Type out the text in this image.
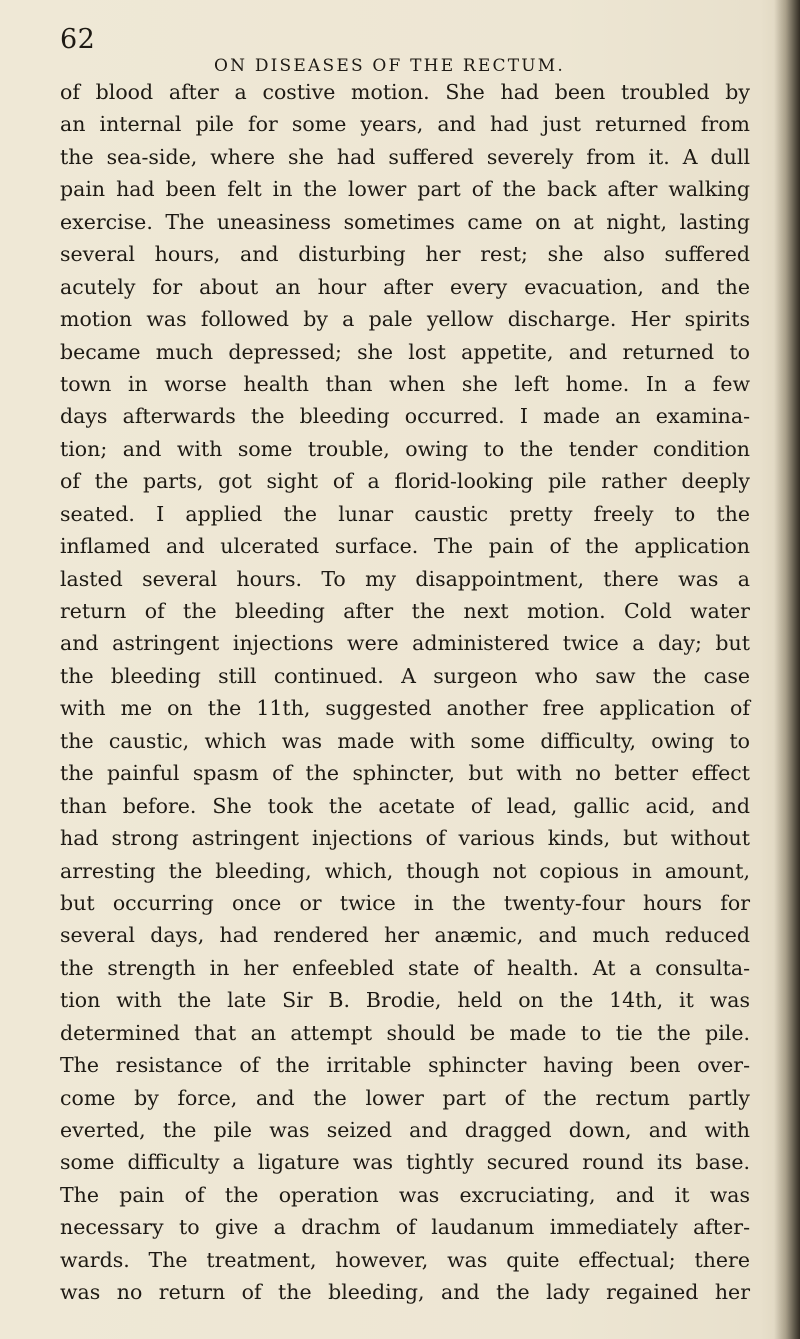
62
ON DISEASES OF THE RECTUM.
of blood after a costive motion. She had been troubled by
an internal pile for some years, and had just returned from
the sea-side, where she had suffered severely from it. A dull
pain had been felt in the lower part of the back after walking
exercise. The uneasiness sometimes came on at night, lasting
several hours, and disturbing her rest; she also suffered
acutely for about an hour after every evacuation, and the
motion was followed by a pale yellow discharge. Her spirits
became much depressed; she lost appetite, and returned to
town in worse health than when she left home. In a few
days afterwards the bleeding occurred. I made an examina-
tion; and with some trouble, owing to the tender condition
of the parts, got sight of a florid-looking pile rather deeply
seated. I applied the lunar caustic pretty freely to the
inflamed and ulcerated surface. The pain of the application
lasted several hours. To my disappointment, there was a
return of the bleeding after the next motion. Cold water
and astringent injections were administered twice a day; but
the bleeding still continued. A surgeon who saw the case
with me on the 11th, suggested another free application of
the caustic, which was made with some difficulty, owing to
the painful spasm of the sphincter, but with no better effect
than before. She took the acetate of lead, gallic acid, and
had strong astringent injections of various kinds, but without
arresting the bleeding, which, though not copious in amount,
but occurring once or twice in the twenty-four hours for
several days, had rendered her anæmic, and much reduced
the strength in her enfeebled state of health. At a consulta-
tion with the late Sir B. Brodie, held on the 14th, it was
determined that an attempt should be made to tie the pile.
The resistance of the irritable sphincter having been over-
come by force, and the lower part of the rectum partly
everted, the pile was seized and dragged down, and with
some difficulty a ligature was tightly secured round its base.
The pain of the operation was excruciating, and it was
necessary to give a drachm of laudanum immediately after-
wards. The treatment, however, was quite effectual; there
was no return of the bleeding, and the lady regained her
